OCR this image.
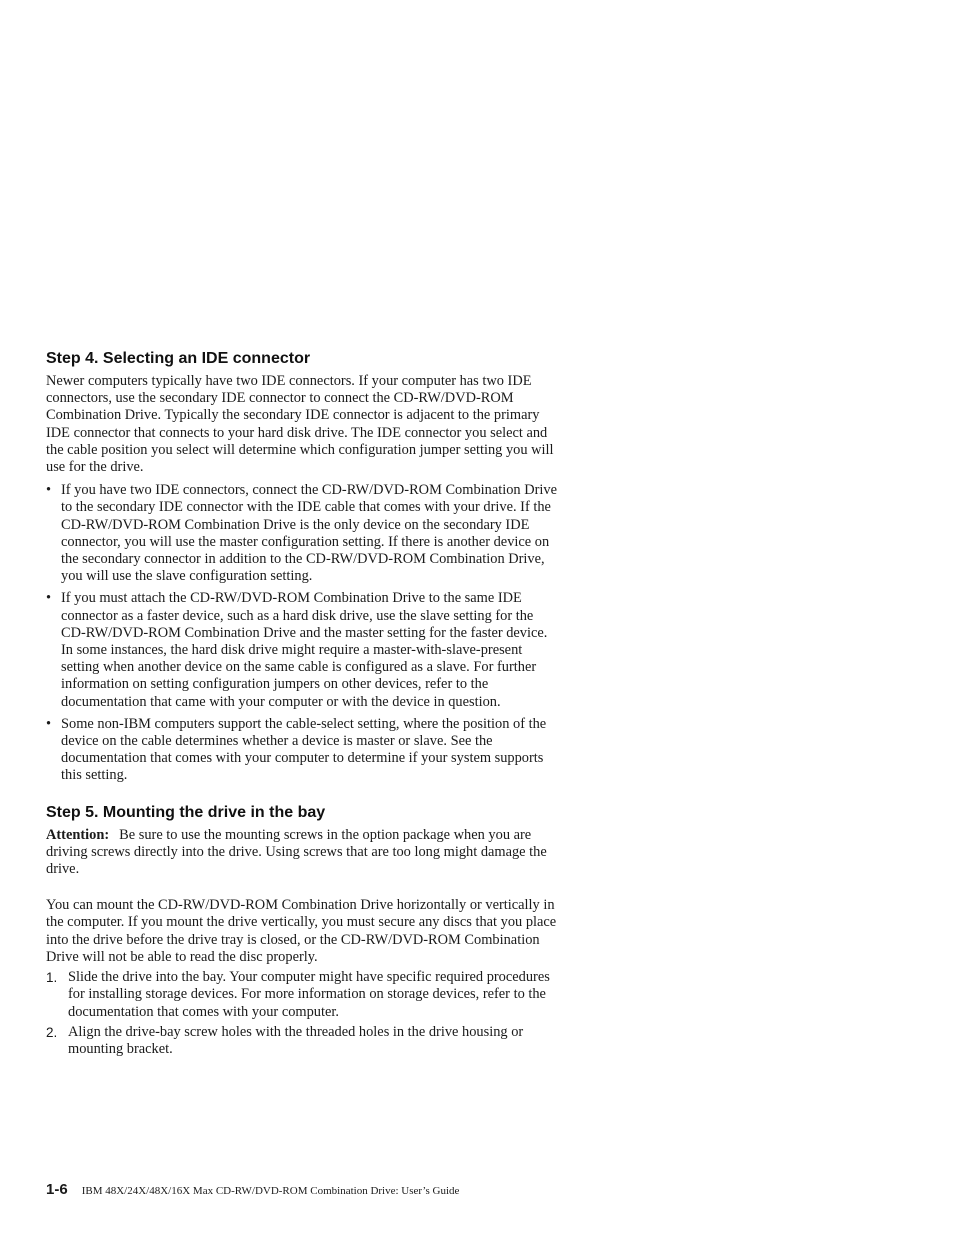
Step 4. Selecting an IDE connector

Newer computers typically have two IDE connectors. If your computer has two IDE connectors, use the secondary IDE connector to connect the CD-RW/DVD-ROM Combination Drive. Typically the secondary IDE connector is adjacent to the primary IDE connector that connects to your hard disk drive. The IDE connector you select and the cable position you select will determine which configuration jumper setting you will use for the drive.

• If you have two IDE connectors, connect the CD-RW/DVD-ROM Combination Drive to the secondary IDE connector with the IDE cable that comes with your drive. If the CD-RW/DVD-ROM Combination Drive is the only device on the secondary IDE connector, you will use the master configuration setting. If there is another device on the secondary connector in addition to the CD-RW/DVD-ROM Combination Drive, you will use the slave configuration setting.
• If you must attach the CD-RW/DVD-ROM Combination Drive to the same IDE connector as a faster device, such as a hard disk drive, use the slave setting for the CD-RW/DVD-ROM Combination Drive and the master setting for the faster device. In some instances, the hard disk drive might require a master-with-slave-present setting when another device on the same cable is configured as a slave. For further information on setting configuration jumpers on other devices, refer to the documentation that came with your computer or with the device in question.
• Some non-IBM computers support the cable-select setting, where the position of the device on the cable determines whether a device is master or slave. See the documentation that comes with your computer to determine if your system supports this setting.
Step 5. Mounting the drive in the bay

Attention: Be sure to use the mounting screws in the option package when you are driving screws directly into the drive. Using screws that are too long might damage the drive.

You can mount the CD-RW/DVD-ROM Combination Drive horizontally or vertically in the computer. If you mount the drive vertically, you must secure any discs that you place into the drive before the drive tray is closed, or the CD-RW/DVD-ROM Combination Drive will not be able to read the disc properly.

1. Slide the drive into the bay. Your computer might have specific required procedures for installing storage devices. For more information on storage devices, refer to the documentation that comes with your computer.
2. Align the drive-bay screw holes with the threaded holes in the drive housing or mounting bracket.
1-6 IBM 48X/24X/48X/16X Max CD-RW/DVD-ROM Combination Drive: User’s Guide
